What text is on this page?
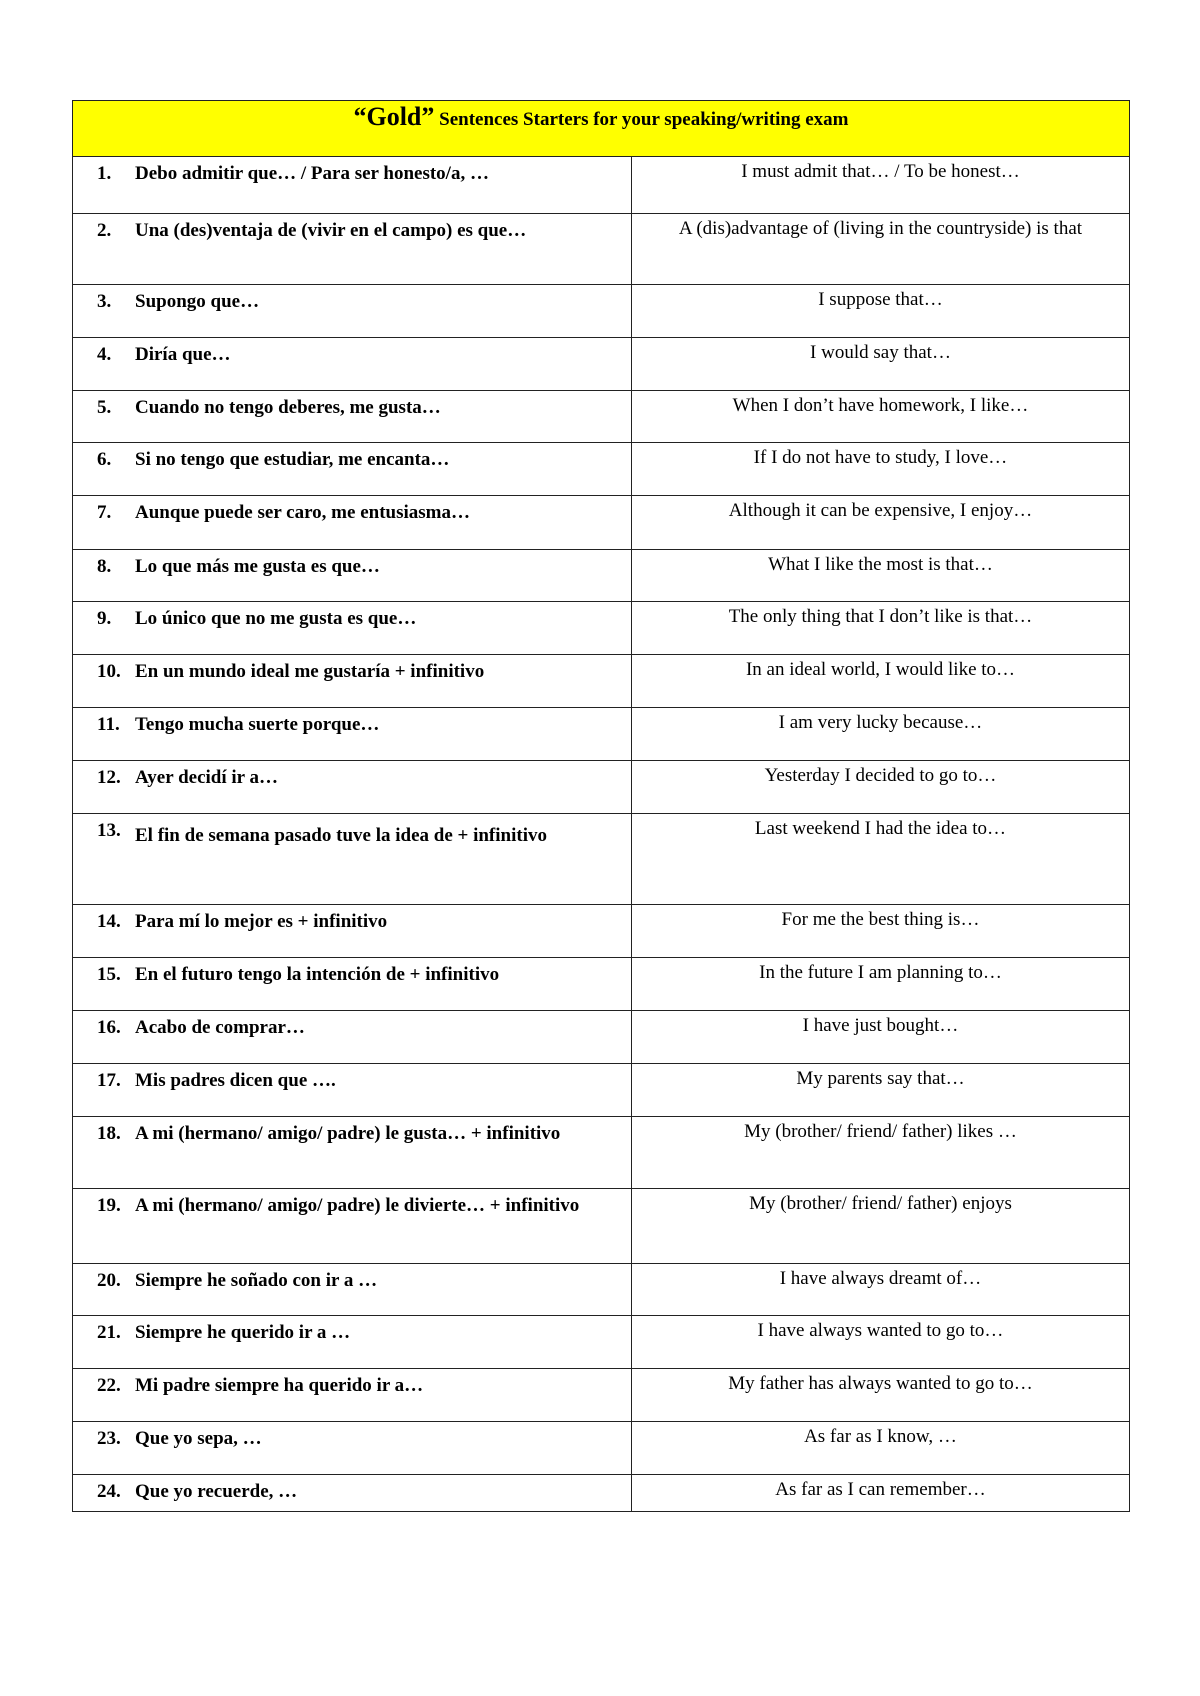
“Gold” Sentences Starters for your speaking/writing exam	

1. Debo admitir que… / Para ser honesto/a, …	I must admit that… / To be honest…

2. Una (des)ventaja de (vivir en el campo) es que…	A (dis)advantage of (living in the countryside) is that

3. Supongo que…	I suppose that…

4. Diría que…	I would say that…

5. Cuando no tengo deberes, me gusta…	When I don’t have homework, I like…

6. Si no tengo que estudiar, me encanta…	If I do not have to study, I love…

7. Aunque puede ser caro, me entusiasma…	Although it can be expensive, I enjoy…

8. Lo que más me gusta es que…	What I like the most is that…

9. Lo único que no me gusta es que…	The only thing that I don’t like is that…

10. En un mundo ideal me gustaría + infinitivo	In an ideal world, I would like to…

11. Tengo mucha suerte porque…	I am very lucky because…

12. Ayer decidí ir a…	Yesterday I decided to go to…

13. El fin de semana pasado tuve la idea de + infinitivo	Last weekend I had the idea to…

14. Para mí lo mejor es + infinitivo	For me the best thing is…

15. En el futuro tengo la intención de + infinitivo	In the future I am planning to…

16. Acabo de comprar…	I have just bought…

17. Mis padres dicen que ….	My parents say that…

18. A mi (hermano/ amigo/ padre) le gusta… + infinitivo	My (brother/ friend/ father) likes …

19. A mi (hermano/ amigo/ padre) le divierte… + infinitivo	My (brother/ friend/ father) enjoys

20. Siempre he soñado con ir a …	I have always dreamt of…

21. Siempre he querido ir a …	I have always wanted to go to…

22. Mi padre siempre ha querido ir a…	My father has always wanted to go to…

23. Que yo sepa, …	As far as I know, …

24. Que yo recuerde, …	As far as I can remember…
